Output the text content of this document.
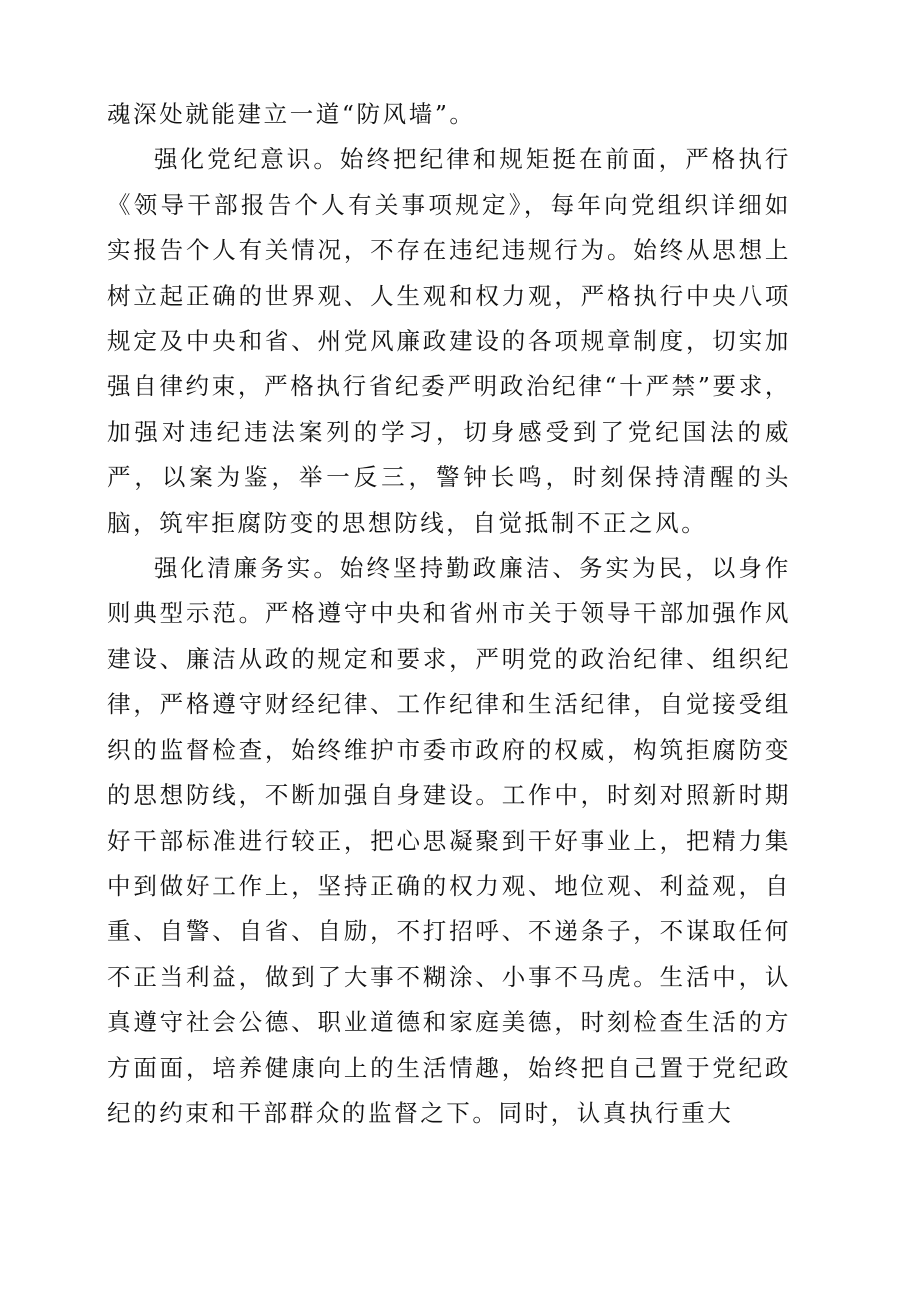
魂深处就能建立一道“防风墙”。

强化党纪意识。始终把纪律和规矩挺在前面，严格执行《领导干部报告个人有关事项规定》，每年向党组织详细如实报告个人有关情况，不存在违纪违规行为。始终从思想上树立起正确的世界观、人生观和权力观，严格执行中央八项规定及中央和省、州党风廉政建设的各项规章制度，切实加强自律约束，严格执行省纪委严明政治纪律“十严禁”要求，加强对违纪违法案列的学习，切身感受到了党纪国法的威严，以案为鉴，举一反三，警钟长鸣，时刻保持清醒的头脑，筑牢拒腐防变的思想防线，自觉抵制不正之风。

强化清廉务实。始终坚持勤政廉洁、务实为民，以身作则典型示范。严格遵守中央和省州市关于领导干部加强作风建设、廉洁从政的规定和要求，严明党的政治纪律、组织纪律，严格遵守财经纪律、工作纪律和生活纪律，自觉接受组织的监督检查，始终维护市委市政府的权威，构筑拒腐防变的思想防线，不断加强自身建设。工作中，时刻对照新时期好干部标准进行较正，把心思凝聚到干好事业上，把精力集中到做好工作上，坚持正确的权力观、地位观、利益观，自重、自警、自省、自励，不打招呼、不递条子，不谋取任何不正当利益，做到了大事不糊涂、小事不马虎。生活中，认真遵守社会公德、职业道德和家庭美德，时刻检查生活的方方面面，培养健康向上的生活情趣，始终把自己置于党纪政纪的约束和干部群众的监督之下。同时，认真执行重大
